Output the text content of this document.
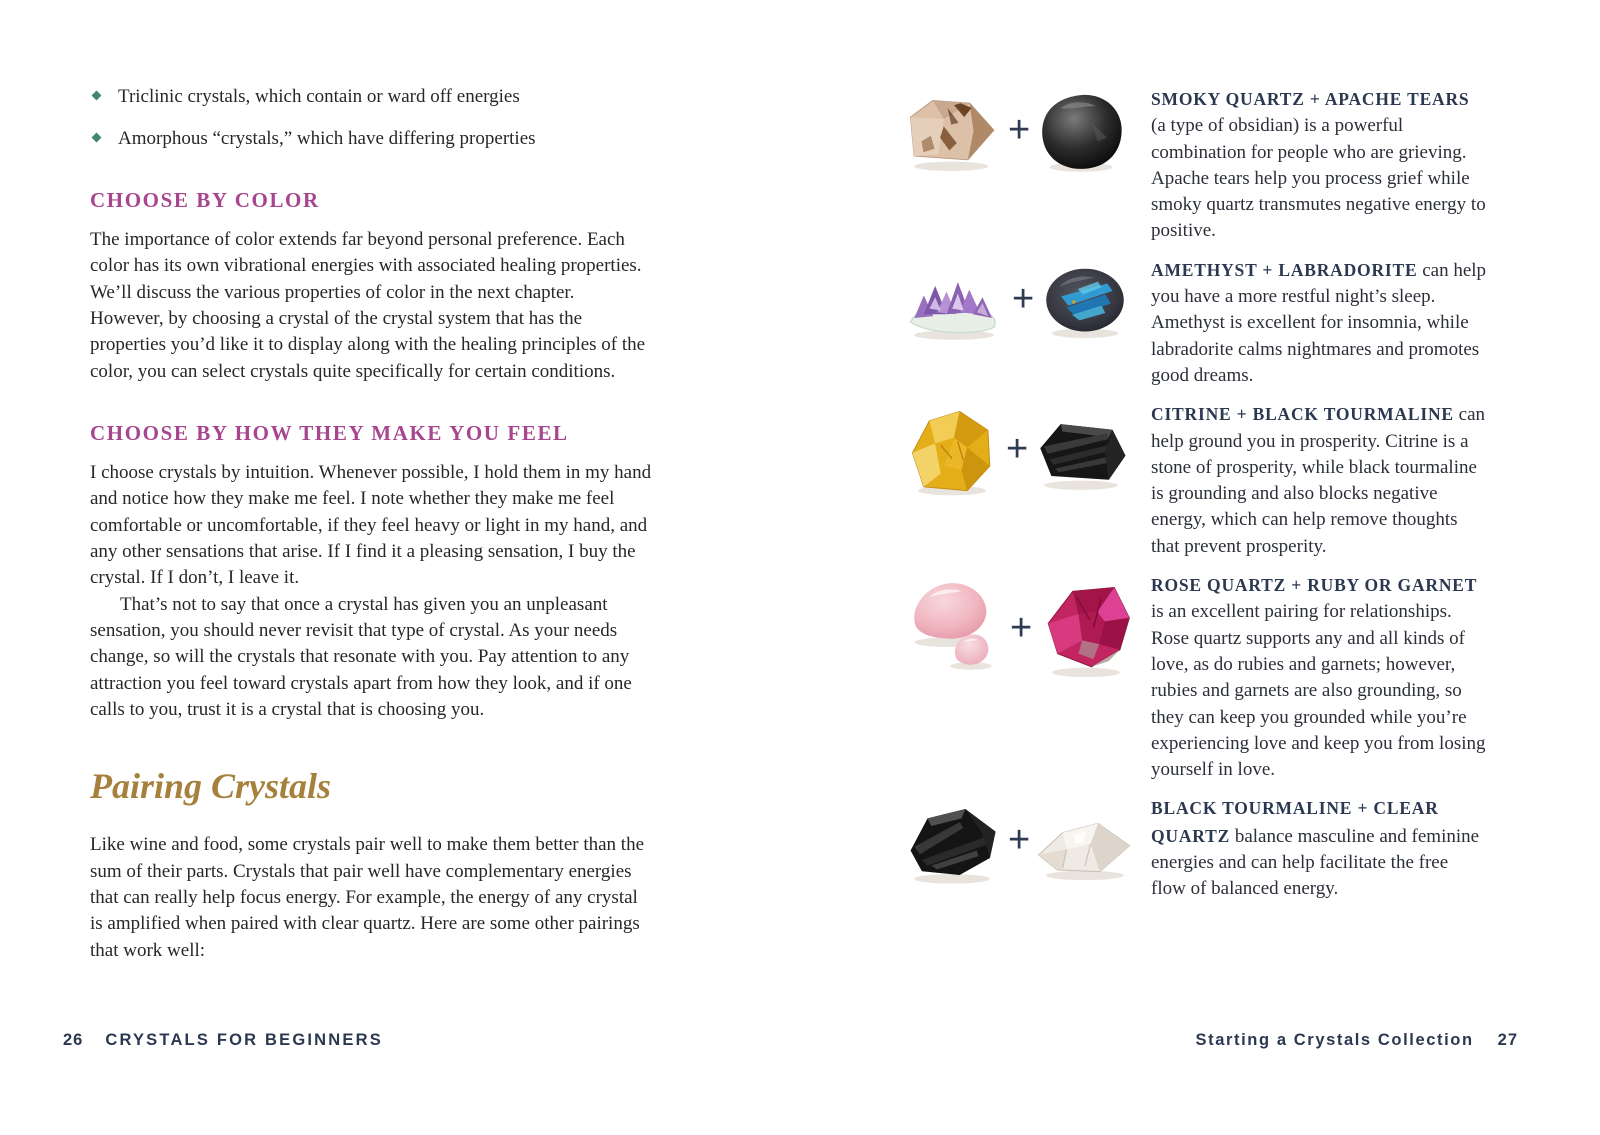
Triclinic crystals, which contain or ward off energies
Amorphous “crystals,” which have differing properties
CHOOSE BY COLOR

The importance of color extends far beyond personal preference. Each color has its own vibrational energies with associated healing properties. We’ll discuss the various properties of color in the next chapter. However, by choosing a crystal of the crystal system that has the properties you’d like it to display along with the healing principles of the color, you can select crystals quite specifically for certain conditions.

CHOOSE BY HOW THEY MAKE YOU FEEL

I choose crystals by intuition. Whenever possible, I hold them in my hand and notice how they make me feel. I note whether they make me feel comfortable or uncomfortable, if they feel heavy or light in my hand, and any other sensations that arise. If I find it a pleasing sensation, I buy the crystal. If I don’t, I leave it.

That’s not to say that once a crystal has given you an unpleasant sensation, you should never revisit that type of crystal. As your needs change, so will the crystals that resonate with you. Pay attention to any attraction you feel toward crystals apart from how they look, and if one calls to you, trust it is a crystal that is choosing you.

Pairing Crystals

Like wine and food, some crystals pair well to make them better than the sum of their parts. Crystals that pair well have complementary energies that can really help focus energy. For example, the energy of any crystal is amplified when paired with clear quartz. Here are some other pairings that work well:

+
SMOKY QUARTZ + APACHE TEARS (a type of obsidian) is a powerful combination for people who are grieving. Apache tears help you process grief while smoky quartz transmutes negative energy to positive.
+
AMETHYST + LABRADORITE can help you have a more restful night’s sleep. Amethyst is excellent for insomnia, while labradorite calms nightmares and promotes good dreams.
+
CITRINE + BLACK TOURMALINE can help ground you in prosperity. Citrine is a stone of prosperity, while black tourmaline is grounding and also blocks negative energy, which can help remove thoughts that prevent prosperity.
+
ROSE QUARTZ + RUBY OR GARNET is an excellent pairing for relationships. Rose quartz supports any and all kinds of love, as do rubies and garnets; however, rubies and garnets are also grounding, so they can keep you grounded while you’re experiencing love and keep you from losing yourself in love.
+
BLACK TOURMALINE + CLEAR QUARTZ balance masculine and feminine energies and can help facilitate the free flow of balanced energy.
26 CRYSTALS FOR BEGINNERS	Starting a Crystals Collection 27
